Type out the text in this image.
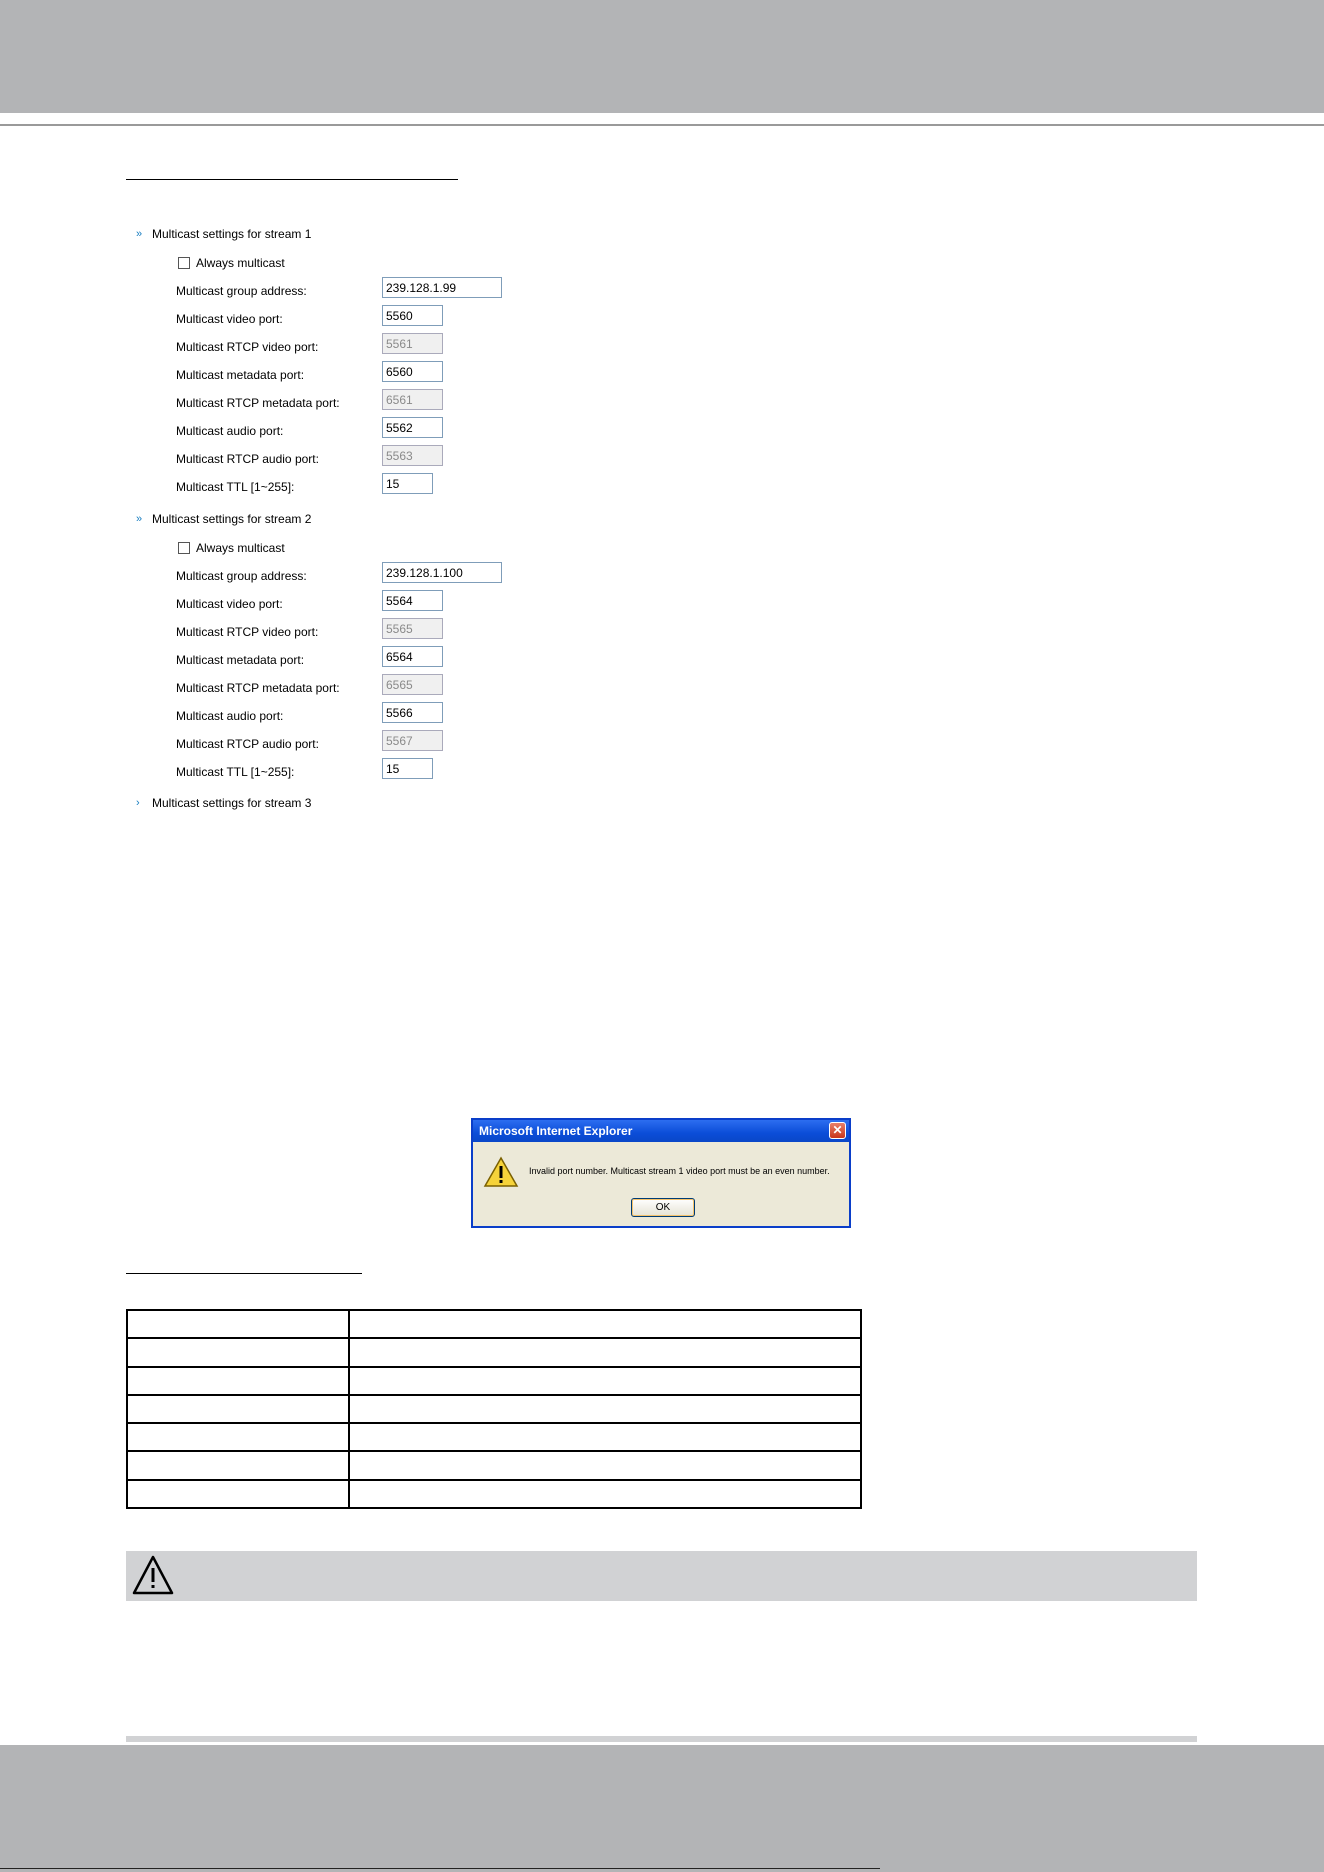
» Multicast settings for stream 1
Always multicast
Multicast group address:	239.128.1.99
Multicast video port:	5560
Multicast RTCP video port:	5561
Multicast metadata port:	6560
Multicast RTCP metadata port:	6561
Multicast audio port:	5562
Multicast RTCP audio port:	5563
Multicast TTL [1~255]:	15
» Multicast settings for stream 2
Always multicast
Multicast group address:	239.128.1.100
Multicast video port:	5564
Multicast RTCP video port:	5565
Multicast metadata port:	6564
Multicast RTCP metadata port:	6565
Multicast audio port:	5566
Multicast RTCP audio port:	5567
Multicast TTL [1~255]:	15
›	Multicast settings for stream 3
Microsoft Internet Explorer	✕
Invalid port number. Multicast stream 1 video port must be an even number.
OK
